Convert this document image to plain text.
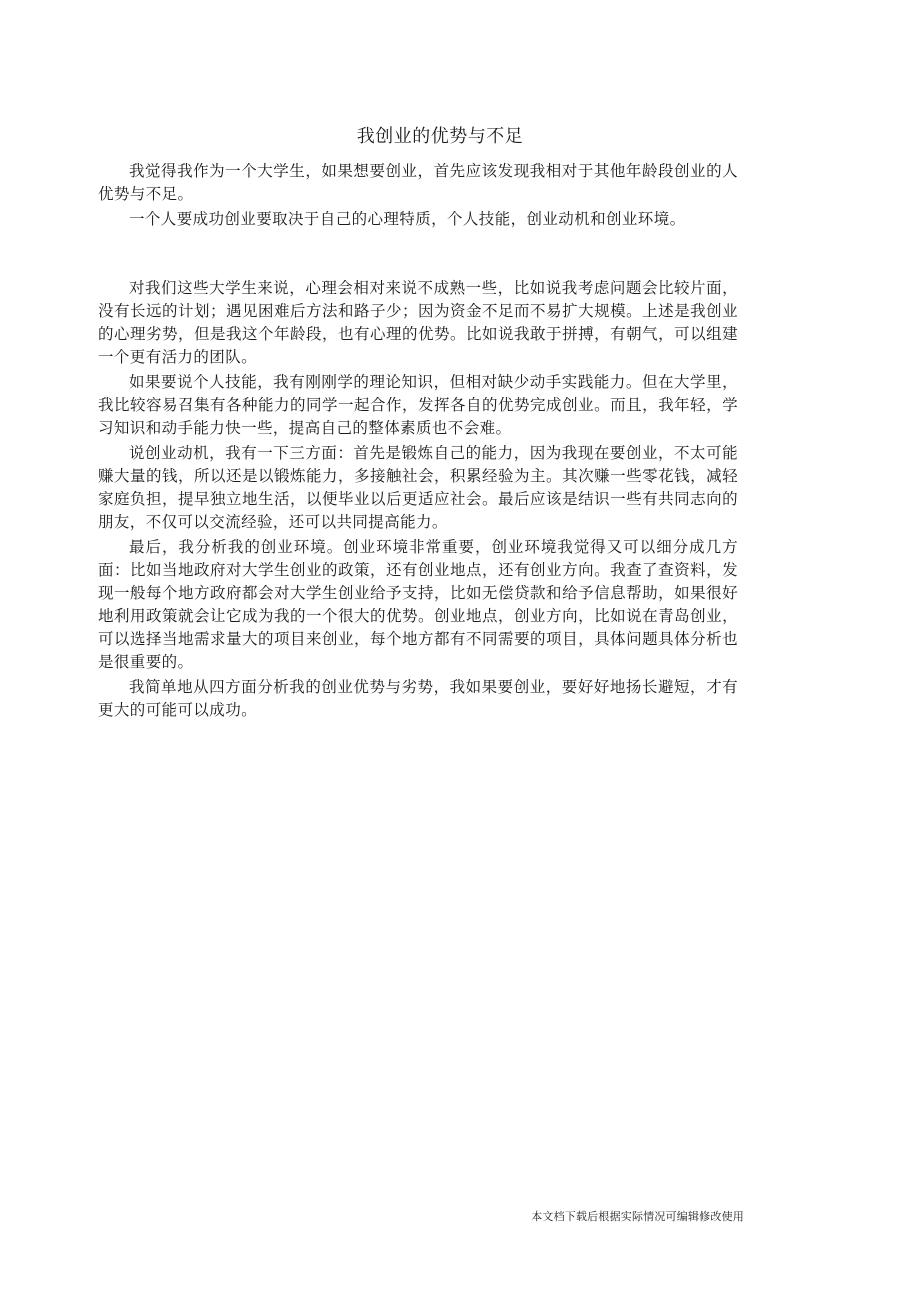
我创业的优势与不足

我觉得我作为一个大学生，如果想要创业，首先应该发现我相对于其他年龄段创业的人优势与不足。

一个人要成功创业要取决于自己的心理特质，个人技能，创业动机和创业环境。

对我们这些大学生来说，心理会相对来说不成熟一些，比如说我考虑问题会比较片面，没有长远的计划；遇见困难后方法和路子少；因为资金不足而不易扩大规模。上述是我创业的心理劣势，但是我这个年龄段，也有心理的优势。比如说我敢于拼搏，有朝气，可以组建一个更有活力的团队。

如果要说个人技能，我有刚刚学的理论知识，但相对缺少动手实践能力。但在大学里，我比较容易召集有各种能力的同学一起合作，发挥各自的优势完成创业。而且，我年轻，学习知识和动手能力快一些，提高自己的整体素质也不会难。

说创业动机，我有一下三方面：首先是锻炼自己的能力，因为我现在要创业，不太可能赚大量的钱，所以还是以锻炼能力，多接触社会，积累经验为主。其次赚一些零花钱，减轻家庭负担，提早独立地生活，以便毕业以后更适应社会。最后应该是结识一些有共同志向的朋友，不仅可以交流经验，还可以共同提高能力。

最后，我分析我的创业环境。创业环境非常重要，创业环境我觉得又可以细分成几方面：比如当地政府对大学生创业的政策，还有创业地点，还有创业方向。我查了查资料，发现一般每个地方政府都会对大学生创业给予支持，比如无偿贷款和给予信息帮助，如果很好地利用政策就会让它成为我的一个很大的优势。创业地点，创业方向，比如说在青岛创业，可以选择当地需求量大的项目来创业，每个地方都有不同需要的项目，具体问题具体分析也是很重要的。

我简单地从四方面分析我的创业优势与劣势，我如果要创业，要好好地扬长避短，才有更大的可能可以成功。

本文档下载后根据实际情况可编辑修改使用
